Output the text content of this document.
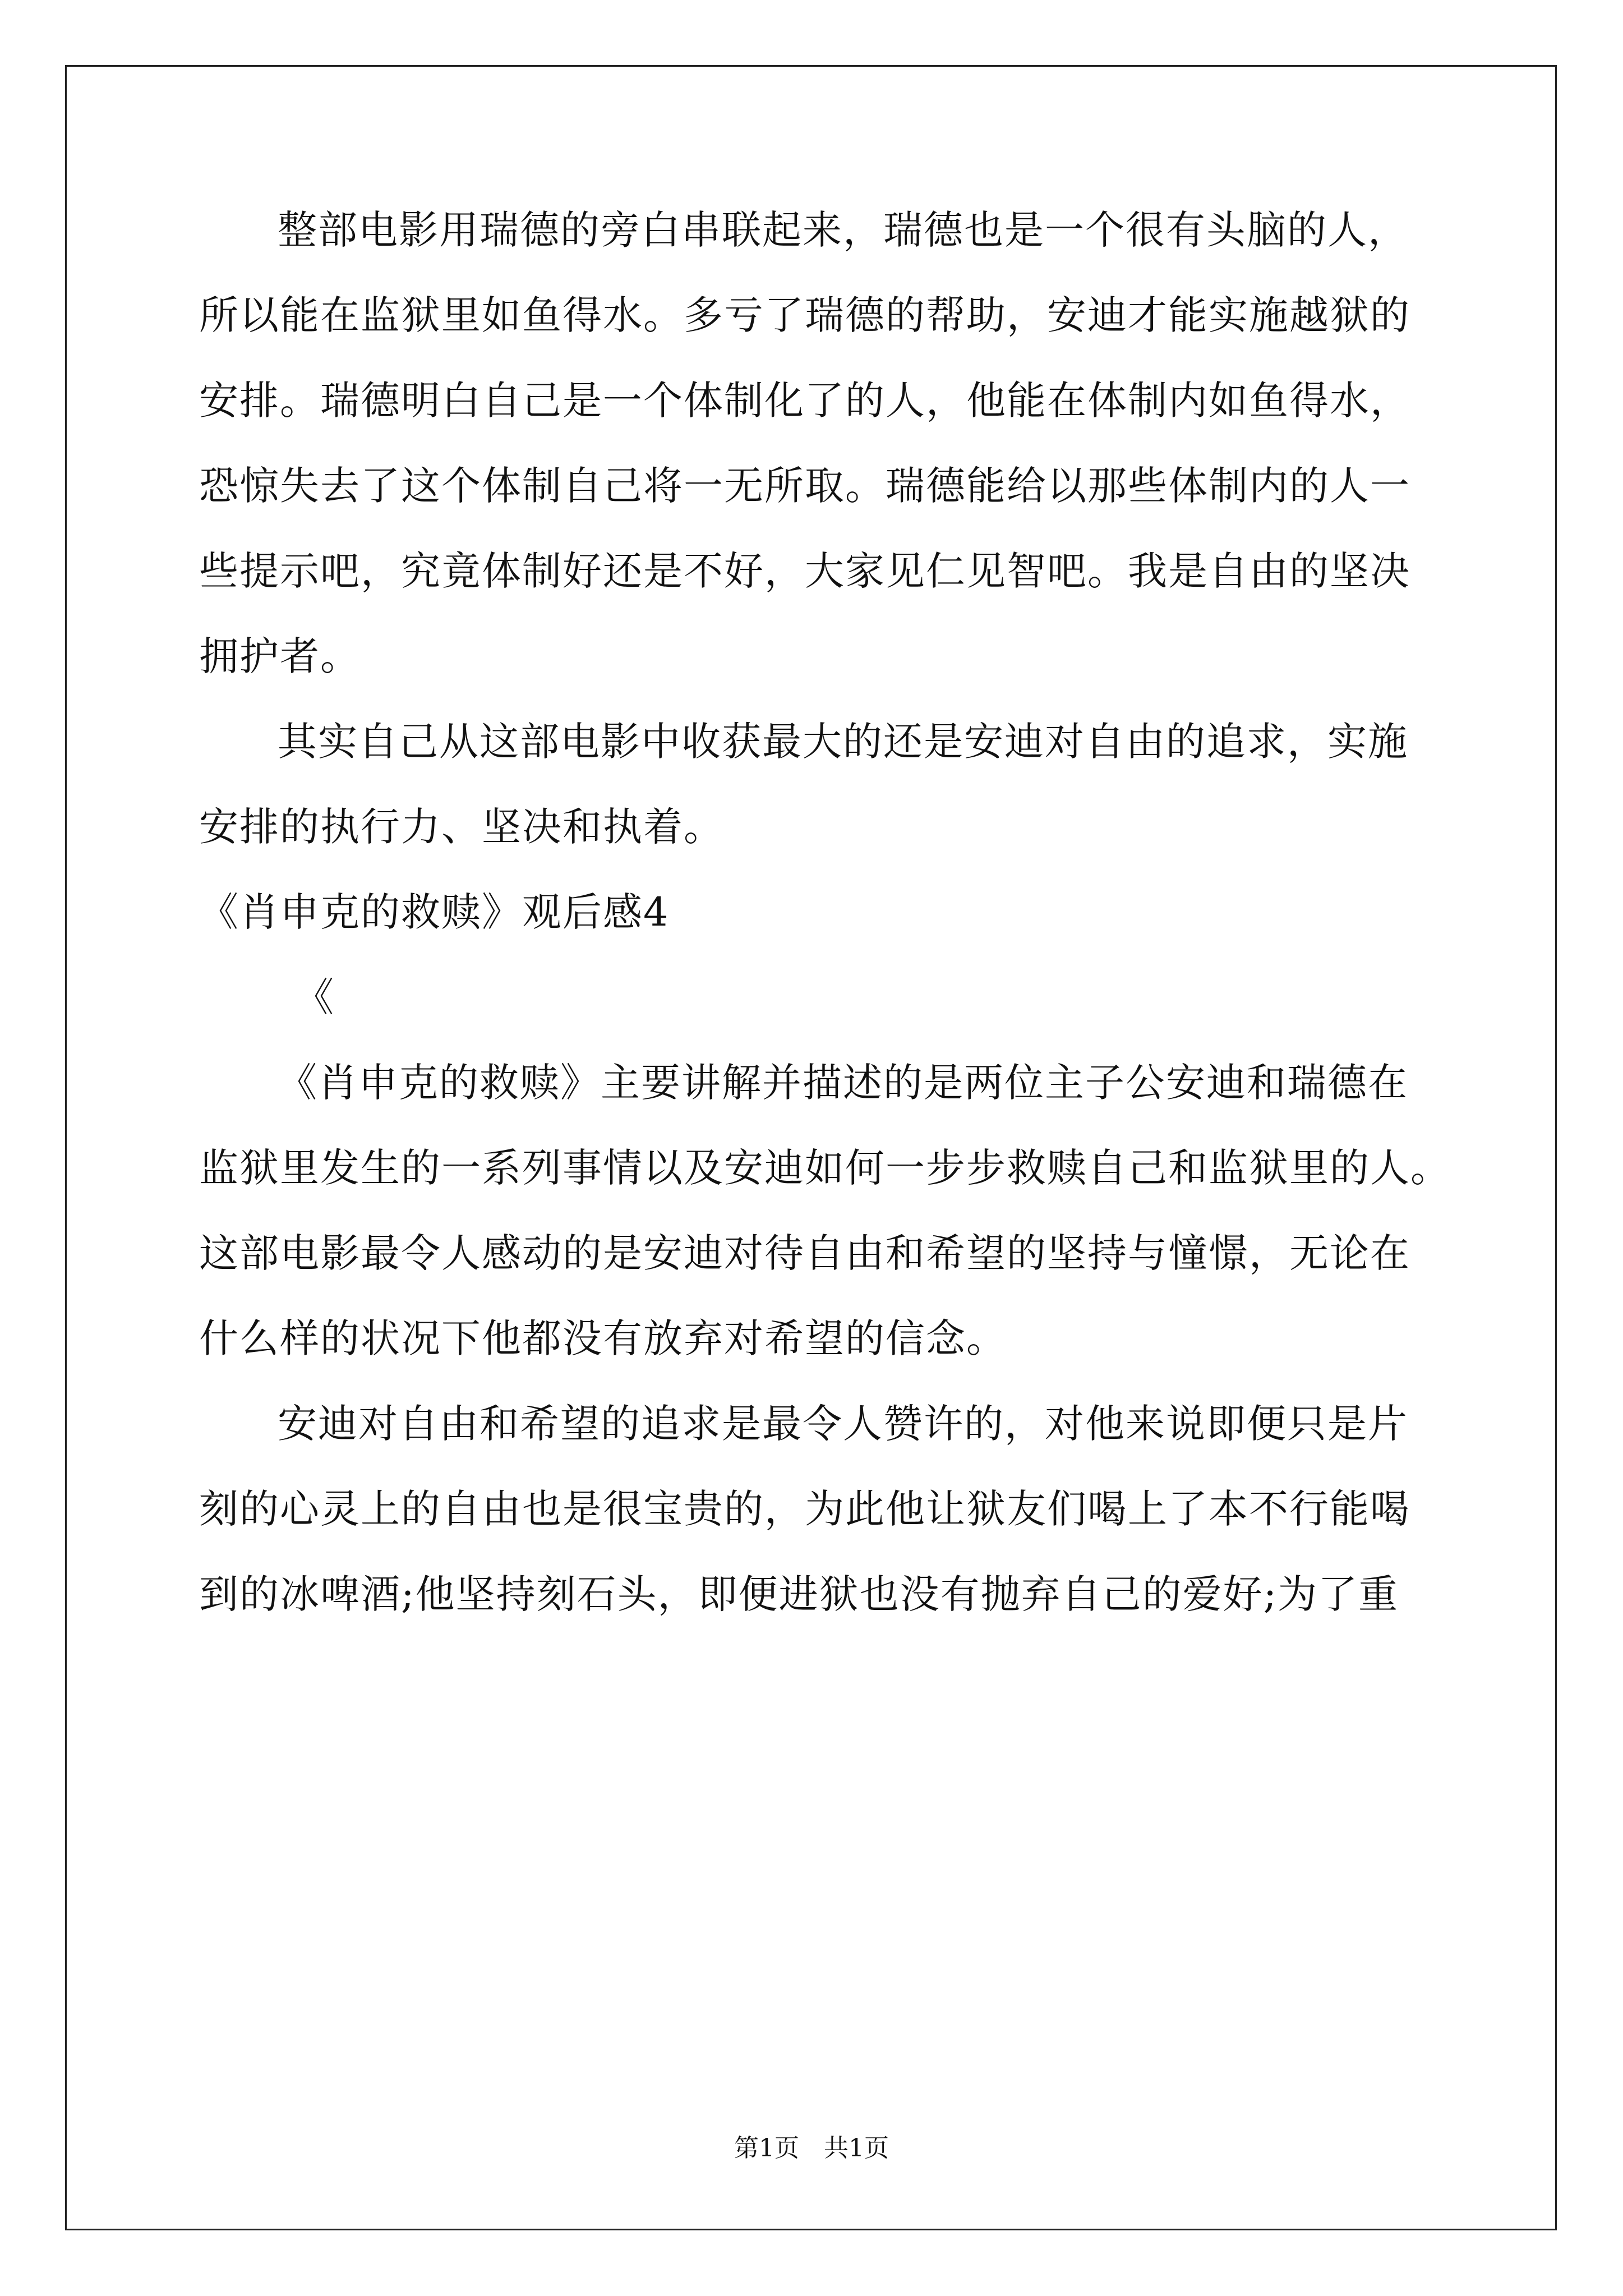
整部电影用瑞德的旁白串联起来，瑞德也是一个很有头脑的人，
所以能在监狱里如鱼得水。多亏了瑞德的帮助，安迪才能实施越狱的
安排。瑞德明白自己是一个体制化了的人，他能在体制内如鱼得水，
恐惊失去了这个体制自己将一无所取。瑞德能给以那些体制内的人一
些提示吧，究竟体制好还是不好，大家见仁见智吧。我是自由的坚决
拥护者。
其实自己从这部电影中收获最大的还是安迪对自由的追求，实施
安排的执行力、坚决和执着。
《肖申克的救赎》观后感4
《
《肖申克的救赎》主要讲解并描述的是两位主子公安迪和瑞德在
监狱里发生的一系列事情以及安迪如何一步步救赎自己和监狱里的人。
这部电影最令人感动的是安迪对待自由和希望的坚持与憧憬，无论在
什么样的状况下他都没有放弃对希望的信念。
安迪对自由和希望的追求是最令人赞许的，对他来说即便只是片
刻的心灵上的自由也是很宝贵的，为此他让狱友们喝上了本不行能喝
到的冰啤酒;他坚持刻石头，即便进狱也没有抛弃自己的爱好;为了重
第1页　共1页
